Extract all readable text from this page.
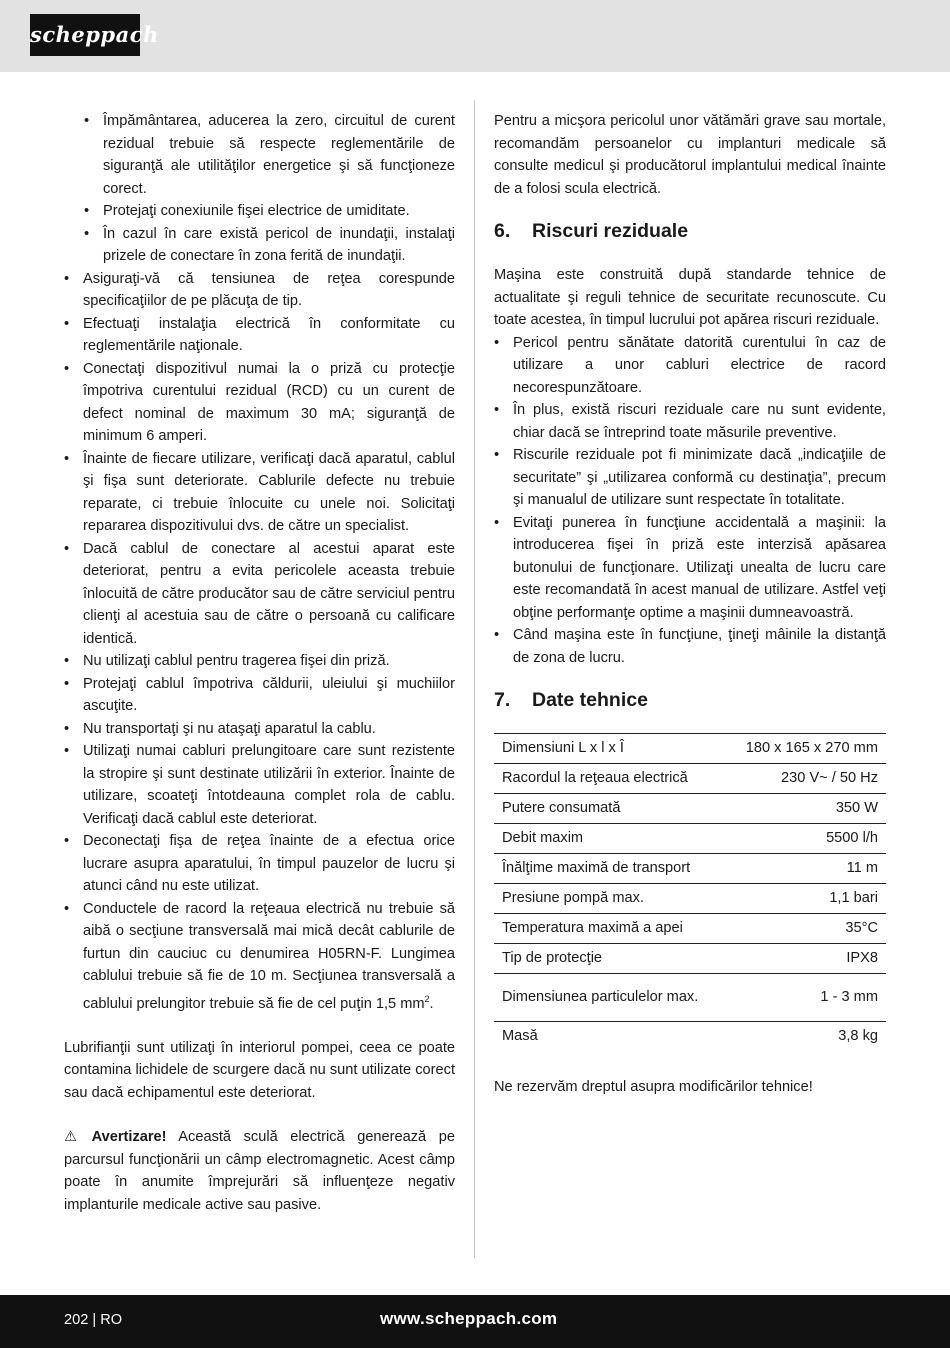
scheppach
• Împământarea, aducerea la zero, circuitul de curent rezidual trebuie să respecte reglementările de siguranţă ale utilităţilor energetice şi să funcţioneze corect.
• Protejaţi conexiunile fişei electrice de umiditate.
• În cazul în care există pericol de inundaţii, instalaţi prizele de conectare în zona ferită de inundaţii.
• Asiguraţi-vă că tensiunea de reţea corespunde specificaţiilor de pe plăcuţa de tip.
• Efectuaţi instalaţia electrică în conformitate cu reglementările naţionale.
• Conectaţi dispozitivul numai la o priză cu protecţie împotriva curentului rezidual (RCD) cu un curent de defect nominal de maximum 30 mA; siguranţă de minimum 6 amperi.
• Înainte de fiecare utilizare, verificaţi dacă aparatul, cablul şi fişa sunt deteriorate. Cablurile defecte nu trebuie reparate, ci trebuie înlocuite cu unele noi. Solicitaţi repararea dispozitivului dvs. de către un specialist.
• Dacă cablul de conectare al acestui aparat este deteriorat, pentru a evita pericolele aceasta trebuie înlocuită de către producător sau de către serviciul pentru clienţi al acestuia sau de către o persoană cu calificare identică.
• Nu utilizaţi cablul pentru tragerea fişei din priză.
• Protejaţi cablul împotriva căldurii, uleiului şi muchiilor ascuţite.
• Nu transportaţi şi nu ataşaţi aparatul la cablu.
• Utilizaţi numai cabluri prelungitoare care sunt rezistente la stropire şi sunt destinate utilizării în exterior. Înainte de utilizare, scoateţi întotdeauna complet rola de cablu. Verificaţi dacă cablul este deteriorat.
• Deconectaţi fişa de reţea înainte de a efectua orice lucrare asupra aparatului, în timpul pauzelor de lucru şi atunci când nu este utilizat.
• Conductele de racord la reţeaua electrică nu trebuie să aibă o secţiune transversală mai mică decât cablurile de furtun din cauciuc cu denumirea H05RN-F. Lungimea cablului trebuie să fie de 10 m. Secţiunea transversală a cablului prelungitor trebuie să fie de cel puţin 1,5 $mm^2$.

Lubrifianţii sunt utilizaţi în interiorul pompei, ceea ce poate contamina lichidele de scurgere dacă nu sunt utilizate corect sau dacă echipamentul este deteriorat.

⚠ Avertizare! Această sculă electrică generează pe parcursul funcţionării un câmp electromagnetic. Acest câmp poate în anumite împrejurări să influenţeze negativ implanturile medicale active sau pasive.

Pentru a micşora pericolul unor vătămări grave sau mortale, recomandăm persoanelor cu implanturi medicale să consulte medicul şi producătorul implantului medical înainte de a folosi scula electrică.

6. Riscuri reziduale

Maşina este construită după standarde tehnice de actualitate şi reguli tehnice de securitate recunoscute. Cu toate acestea, în timpul lucrului pot apărea riscuri reziduale.

• Pericol pentru sănătate datorită curentului în caz de utilizare a unor cabluri electrice de racord necorespunzătoare.
• În plus, există riscuri reziduale care nu sunt evidente, chiar dacă se întreprind toate măsurile preventive.
• Riscurile reziduale pot fi minimizate dacă „indicaţiile de securitate” şi „utilizarea conformă cu destinaţia”, precum şi manualul de utilizare sunt respectate în totalitate.
• Evitaţi punerea în funcţiune accidentală a maşinii: la introducerea fişei în priză este interzisă apăsarea butonului de funcţionare. Utilizaţi unealta de lucru care este recomandată în acest manual de utilizare. Astfel veţi obţine performanţe optime a maşinii dumneavoastră.
• Când maşina este în funcţiune, ţineţi mâinile la distanţă de zona de lucru.
7. Date tehnice
Dimensiuni L x l x Î	180 x 165 x 270 mm
Racordul la reţeaua electrică	230 V~ / 50 Hz
Putere consumată	350 W
Debit maxim	5500 l/h
Înălţime maximă de transport	11 m
Presiune pompă max.	1,1 bari
Temperatura maximă a apei	35°C
Tip de protecţie	IPX8
Dimensiunea particulelor max.	1 - 3 mm
Masă	3,8 kg

Ne rezervăm dreptul asupra modificărilor tehnice!

202 | RO	www.scheppach.com
